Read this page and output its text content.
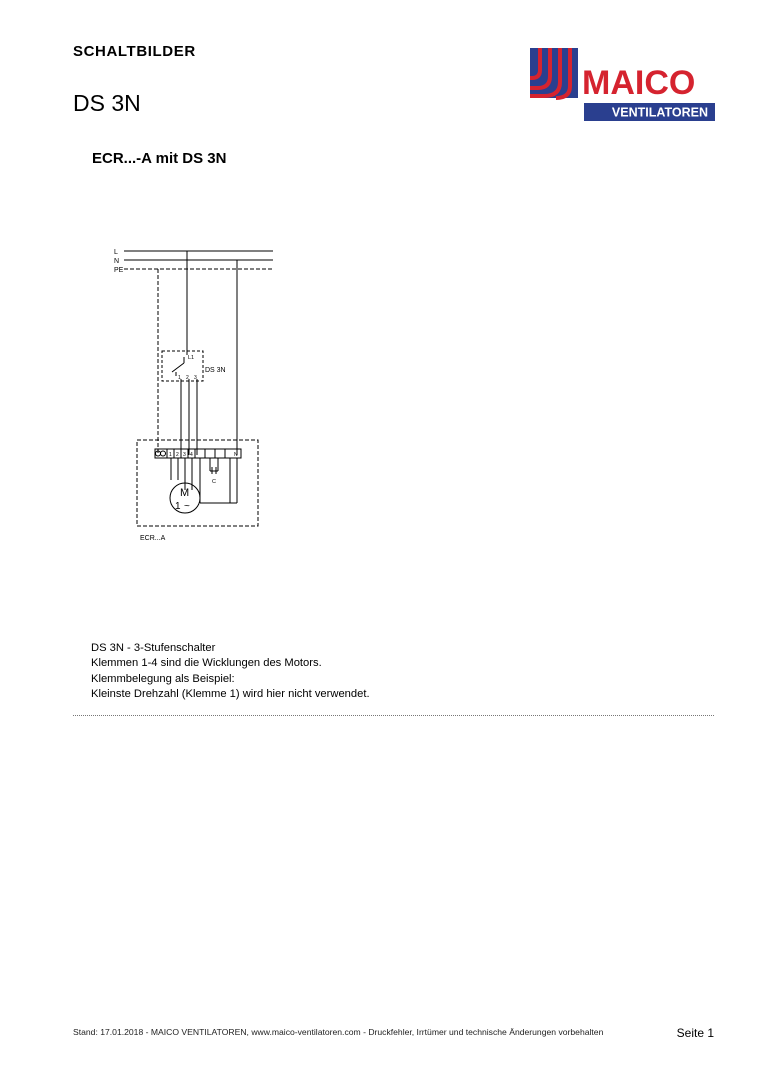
SCHALTBILDER
DS 3N
MAICO
VENTILATOREN
ECR...-A mit DS 3N
L
N
PE
DS 3N
L1
1 2 3
1 2 3 4	N
C
M
1 ~
ECR...A
DS 3N - 3-Stufenschalter
Klemmen 1-4 sind die Wicklungen des Motors.
Klemmbelegung als Beispiel:
Kleinste Drehzahl (Klemme 1) wird hier nicht verwendet.
Stand: 17.01.2018 - MAICO VENTILATOREN, www.maico-ventilatoren.com - Druckfehler, Irrtümer und technische Änderungen vorbehalten	Seite 1
